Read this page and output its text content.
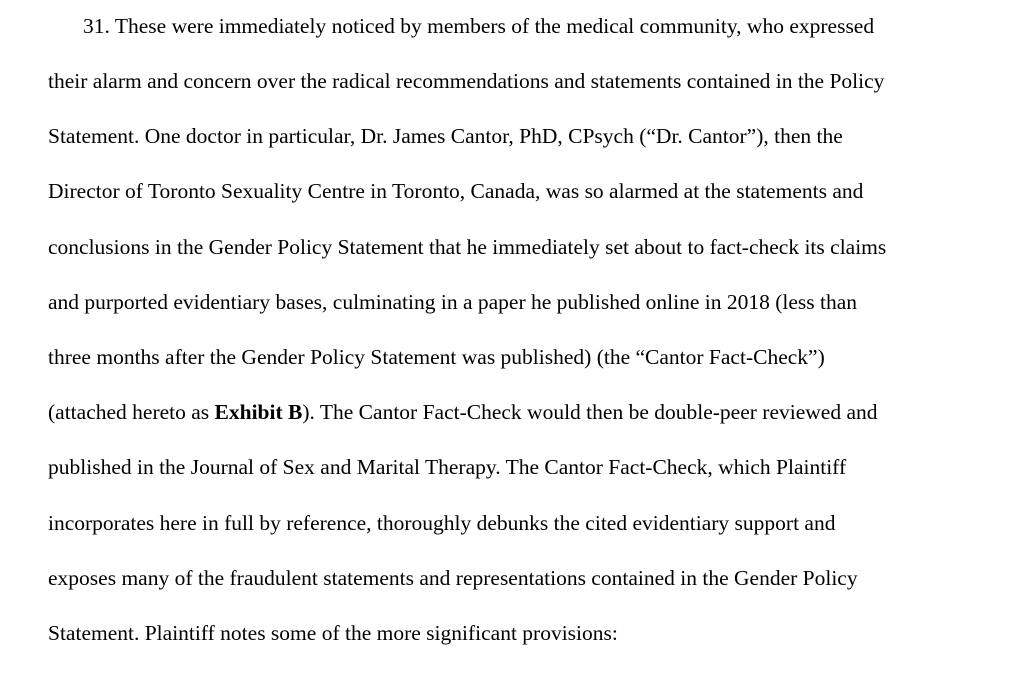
31. These were immediately noticed by members of the medical community, who expressed
their alarm and concern over the radical recommendations and statements contained in the Policy
Statement. One doctor in particular, Dr. James Cantor, PhD, CPsych (“Dr. Cantor”), then the
Director of Toronto Sexuality Centre in Toronto, Canada, was so alarmed at the statements and
conclusions in the Gender Policy Statement that he immediately set about to fact-check its claims
and purported evidentiary bases, culminating in a paper he published online in 2018 (less than
three months after the Gender Policy Statement was published) (the “Cantor Fact-Check”)
(attached hereto as Exhibit B). The Cantor Fact-Check would then be double-peer reviewed and
published in the Journal of Sex and Marital Therapy. The Cantor Fact-Check, which Plaintiff
incorporates here in full by reference, thoroughly debunks the cited evidentiary support and
exposes many of the fraudulent statements and representations contained in the Gender Policy
Statement. Plaintiff notes some of the more significant provisions:
